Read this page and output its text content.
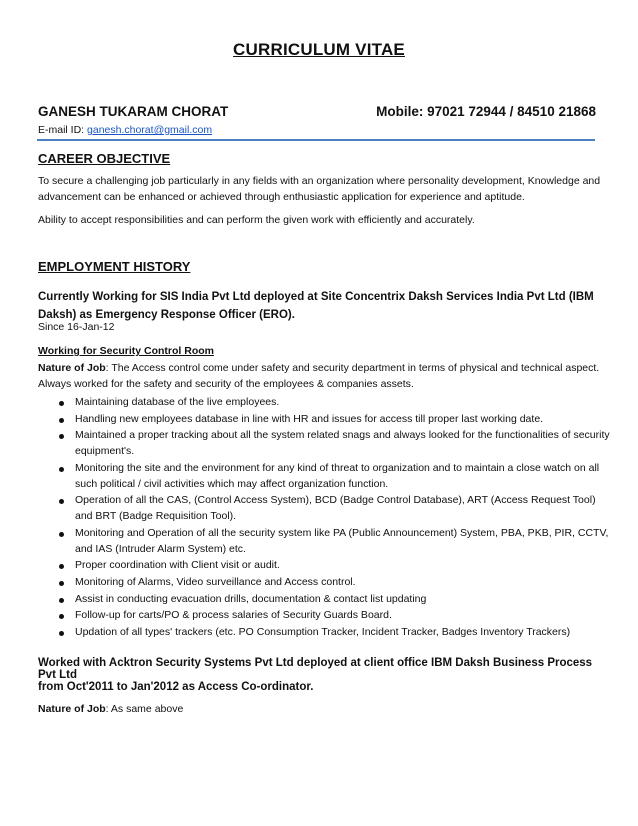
CURRICULUM VITAE
GANESH TUKARAM CHORAT	Mobile: 97021 72944 / 84510 21868
E-mail ID: ganesh.chorat@gmail.com
CAREER OBJECTIVE
To secure a challenging job particularly in any fields with an organization where personality development, Knowledge and advancement can be enhanced or achieved through enthusiastic application for experience and aptitude.
Ability to accept responsibilities and can perform the given work with efficiently and accurately.
EMPLOYMENT HISTORY
Currently Working for SIS India Pvt Ltd deployed at Site Concentrix Daksh Services India Pvt Ltd (IBM Daksh) as Emergency Response Officer (ERO).
Since 16-Jan-12
Working for Security Control Room
Nature of Job: The Access control come under safety and security department in terms of physical and technical aspect. Always worked for the safety and security of the employees & companies assets.
Maintaining database of the live employees.
Handling new employees database in line with HR and issues for access till proper last working date.
Maintained a proper tracking about all the system related snags and always looked for the functionalities of security equipment's.
Monitoring the site and the environment for any kind of threat to organization and to maintain a close watch on all such political / civil activities which may affect organization function.
Operation of all the CAS, (Control Access System), BCD (Badge Control Database), ART (Access Request Tool) and BRT (Badge Requisition Tool).
Monitoring and Operation of all the security system like PA (Public Announcement) System, PBA, PKB, PIR, CCTV, and IAS (Intruder Alarm System) etc.
Proper coordination with Client visit or audit.
Monitoring of Alarms, Video surveillance and Access control.
Assist in conducting evacuation drills, documentation & contact list updating
Follow-up for carts/PO & process salaries of Security Guards Board.
Updation of all types' trackers (etc. PO Consumption Tracker, Incident Tracker, Badges Inventory Trackers)
Worked with Acktron Security Systems Pvt Ltd deployed at client office IBM Daksh Business Process Pvt Ltd
from Oct'2011 to Jan'2012 as Access Co-ordinator.
Nature of Job: As same above
